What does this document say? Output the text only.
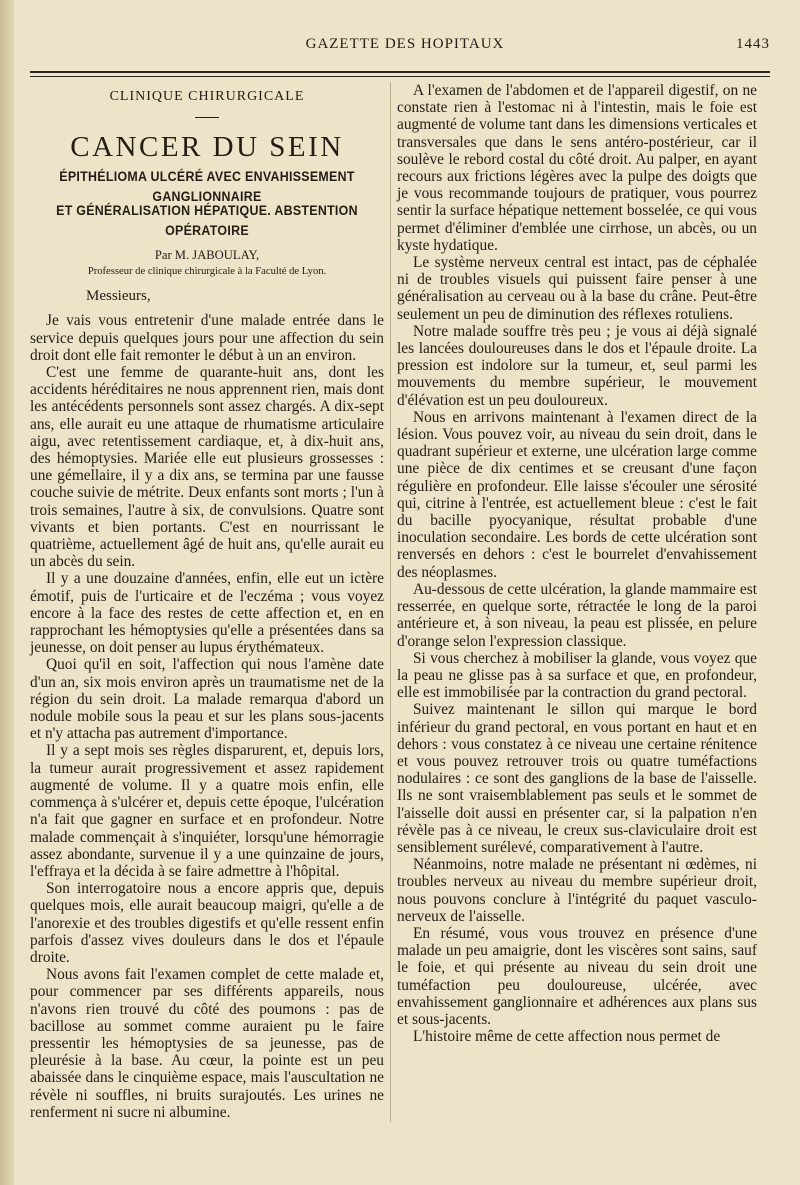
GAZETTE DES HOPITAUX	1443
CLINIQUE CHIRURGICALE
CANCER DU SEIN
ÉPITHÉLIOMA ULCÉRÉ AVEC ENVAHISSEMENT GANGLIONNAIRE
ET GÉNÉRALISATION HÉPATIQUE. ABSTENTION OPÉRATOIRE
Par M. JABOULAY,
Professeur de clinique chirurgicale à la Faculté de Lyon.
Messieurs,

Je vais vous entretenir d'une malade entrée dans le service depuis quelques jours pour une affection du sein droit dont elle fait remonter le début à un an environ.

C'est une femme de quarante-huit ans, dont les accidents héréditaires ne nous apprennent rien, mais dont les antécédents personnels sont assez chargés. A dix-sept ans, elle aurait eu une attaque de rhumatisme articulaire aigu, avec retentissement cardiaque, et, à dix-huit ans, des hémoptysies. Mariée elle eut plusieurs grossesses : une gémellaire, il y a dix ans, se termina par une fausse couche suivie de métrite. Deux enfants sont morts ; l'un à trois semaines, l'autre à six, de convulsions. Quatre sont vivants et bien portants. C'est en nourrissant le quatrième, actuellement âgé de huit ans, qu'elle aurait eu un abcès du sein.

Il y a une douzaine d'années, enfin, elle eut un ictère émotif, puis de l'urticaire et de l'eczéma ; vous voyez encore à la face des restes de cette affection et, en en rapprochant les hémoptysies qu'elle a présentées dans sa jeunesse, on doit penser au lupus érythémateux.

Quoi qu'il en soit, l'affection qui nous l'amène date d'un an, six mois environ après un traumatisme net de la région du sein droit. La malade remarqua d'abord un nodule mobile sous la peau et sur les plans sous-jacents et n'y attacha pas autrement d'importance.

Il y a sept mois ses règles disparurent, et, depuis lors, la tumeur aurait progressivement et assez rapidement augmenté de volume. Il y a quatre mois enfin, elle commença à s'ulcérer et, depuis cette époque, l'ulcération n'a fait que gagner en surface et en profondeur. Notre malade commençait à s'inquiéter, lorsqu'une hémorragie assez abondante, survenue il y a une quinzaine de jours, l'effraya et la décida à se faire admettre à l'hôpital.

Son interrogatoire nous a encore appris que, depuis quelques mois, elle aurait beaucoup maigri, qu'elle a de l'anorexie et des troubles digestifs et qu'elle ressent enfin parfois d'assez vives douleurs dans le dos et l'épaule droite.

Nous avons fait l'examen complet de cette malade et, pour commencer par ses différents appareils, nous n'avons rien trouvé du côté des poumons : pas de bacillose au sommet comme auraient pu le faire pressentir les hémoptysies de sa jeunesse, pas de pleurésie à la base. Au cœur, la pointe est un peu abaissée dans le cinquième espace, mais l'auscultation ne révèle ni souffles, ni bruits surajoutés. Les urines ne renferment ni sucre ni albumine.

A l'examen de l'abdomen et de l'appareil digestif, on ne constate rien à l'estomac ni à l'intestin, mais le foie est augmenté de volume tant dans les dimensions verticales et transversales que dans le sens antéro-postérieur, car il soulève le rebord costal du côté droit. Au palper, en ayant recours aux frictions légères avec la pulpe des doigts que je vous recommande toujours de pratiquer, vous pourrez sentir la surface hépatique nettement bosselée, ce qui vous permet d'éliminer d'emblée une cirrhose, un abcès, ou un kyste hydatique.

Le système nerveux central est intact, pas de céphalée ni de troubles visuels qui puissent faire penser à une généralisation au cerveau ou à la base du crâne. Peut-être seulement un peu de diminution des réflexes rotuliens.

Notre malade souffre très peu ; je vous ai déjà signalé les lancées douloureuses dans le dos et l'épaule droite. La pression est indolore sur la tumeur, et, seul parmi les mouvements du membre supérieur, le mouvement d'élévation est un peu douloureux.

Nous en arrivons maintenant à l'examen direct de la lésion. Vous pouvez voir, au niveau du sein droit, dans le quadrant supérieur et externe, une ulcération large comme une pièce de dix centimes et se creusant d'une façon régulière en profondeur. Elle laisse s'écouler une sérosité qui, citrine à l'entrée, est actuellement bleue : c'est le fait du bacille pyocyanique, résultat probable d'une inoculation secondaire. Les bords de cette ulcération sont renversés en dehors : c'est le bourrelet d'envahissement des néoplasmes.

Au-dessous de cette ulcération, la glande mammaire est resserrée, en quelque sorte, rétractée le long de la paroi antérieure et, à son niveau, la peau est plissée, en pelure d'orange selon l'expression classique.

Si vous cherchez à mobiliser la glande, vous voyez que la peau ne glisse pas à sa surface et que, en profondeur, elle est immobilisée par la contraction du grand pectoral.

Suivez maintenant le sillon qui marque le bord inférieur du grand pectoral, en vous portant en haut et en dehors : vous constatez à ce niveau une certaine rénitence et vous pouvez retrouver trois ou quatre tuméfactions nodulaires : ce sont des ganglions de la base de l'aisselle. Ils ne sont vraisemblablement pas seuls et le sommet de l'aisselle doit aussi en présenter car, si la palpation n'en révèle pas à ce niveau, le creux sus-claviculaire droit est sensiblement surélevé, comparativement à l'autre.

Néanmoins, notre malade ne présentant ni œdèmes, ni troubles nerveux au niveau du membre supérieur droit, nous pouvons conclure à l'intégrité du paquet vasculo-nerveux de l'aisselle.

En résumé, vous vous trouvez en présence d'une malade un peu amaigrie, dont les viscères sont sains, sauf le foie, et qui présente au niveau du sein droit une tuméfaction peu douloureuse, ulcérée, avec envahissement ganglionnaire et adhérences aux plans sus et sous-jacents.

L'histoire même de cette affection nous permet de
